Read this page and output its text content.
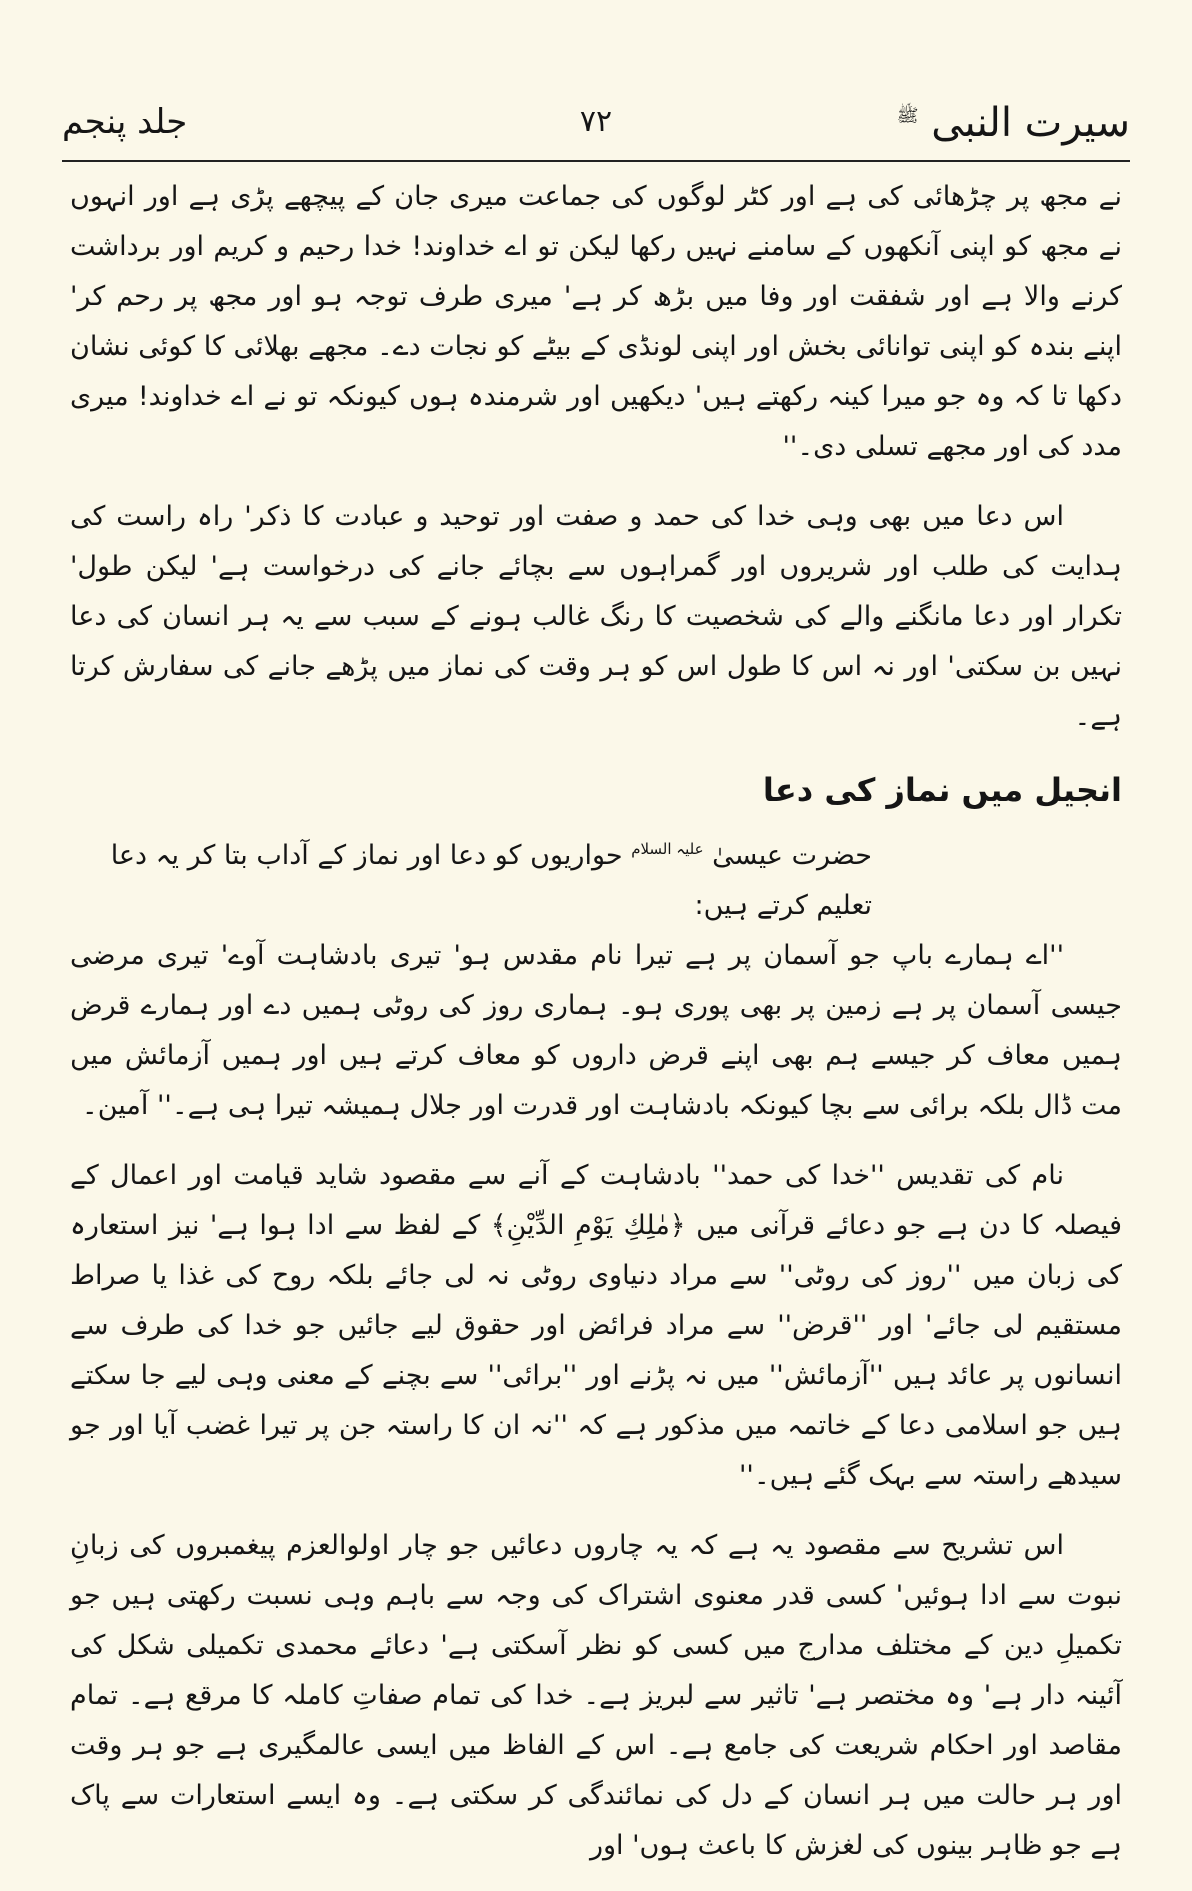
سیرت النبی $^ﷺ$
۷۲
جلد پنجم

نے مجھ پر چڑھائی کی ہے اور کٹر لوگوں کی جماعت میری جان کے پیچھے پڑی ہے اور انہوں نے مجھ کو اپنی آنکھوں کے سامنے نہیں رکھا لیکن تو اے خداوند! خدا رحیم و کریم اور برداشت کرنے والا ہے اور شفقت اور وفا میں بڑھ کر ہے' میری طرف توجہ ہو اور مجھ پر رحم کر' اپنے بندہ کو اپنی توانائی بخش اور اپنی لونڈی کے بیٹے کو نجات دے۔ مجھے بھلائی کا کوئی نشان دکھا تا کہ وہ جو میرا کینہ رکھتے ہیں' دیکھیں اور شرمندہ ہوں کیونکہ تو نے اے خداوند! میری مدد کی اور مجھے تسلی دی۔''

اس دعا میں بھی وہی خدا کی حمد و صفت اور توحید و عبادت کا ذکر' راہ راست کی ہدایت کی طلب اور شریروں اور گمراہوں سے بچائے جانے کی درخواست ہے' لیکن طول' تکرار اور دعا مانگنے والے کی شخصیت کا رنگ غالب ہونے کے سبب سے یہ ہر انسان کی دعا نہیں بن سکتی' اور نہ اس کا طول اس کو ہر وقت کی نماز میں پڑھے جانے کی سفارش کرتا ہے۔

انجیل میں نماز کی دعا

حضرت عیسیٰ $^{علیہ السلام}$ حواریوں کو دعا اور نماز کے آداب بتا کر یہ دعا تعلیم کرتے ہیں:

''اے ہمارے باپ جو آسمان پر ہے تیرا نام مقدس ہو' تیری بادشاہت آوے' تیری مرضی جیسی آسمان پر ہے زمین پر بھی پوری ہو۔ ہماری روز کی روٹی ہمیں دے اور ہمارے قرض ہمیں معاف کر جیسے ہم بھی اپنے قرض داروں کو معاف کرتے ہیں اور ہمیں آزمائش میں مت ڈال بلکہ برائی سے بچا کیونکہ بادشاہت اور قدرت اور جلال ہمیشہ تیرا ہی ہے۔'' آمین۔

نام کی تقدیس ''خدا کی حمد'' بادشاہت کے آنے سے مقصود شاید قیامت اور اعمال کے فیصلہ کا دن ہے جو دعائے قرآنی میں ﴿مٰلِكِ يَوْمِ الدِّيْنِ﴾ کے لفظ سے ادا ہوا ہے' نیز استعارہ کی زبان میں ''روز کی روٹی'' سے مراد دنیاوی روٹی نہ لی جائے بلکہ روح کی غذا یا صراط مستقیم لی جائے' اور ''قرض'' سے مراد فرائض اور حقوق لیے جائیں جو خدا کی طرف سے انسانوں پر عائد ہیں ''آزمائش'' میں نہ پڑنے اور ''برائی'' سے بچنے کے معنی وہی لیے جا سکتے ہیں جو اسلامی دعا کے خاتمہ میں مذکور ہے کہ ''نہ ان کا راستہ جن پر تیرا غضب آیا اور جو سیدھے راستہ سے بہک گئے ہیں۔''

اس تشریح سے مقصود یہ ہے کہ یہ چاروں دعائیں جو چار اولوالعزم پیغمبروں کی زبانِ نبوت سے ادا ہوئیں' کسی قدر معنوی اشتراک کی وجہ سے باہم وہی نسبت رکھتی ہیں جو تکمیلِ دین کے مختلف مدارج میں کسی کو نظر آسکتی ہے' دعائے محمدی تکمیلی شکل کی آئینہ دار ہے' وہ مختصر ہے' تاثیر سے لبریز ہے۔ خدا کی تمام صفاتِ کاملہ کا مرقع ہے۔ تمام مقاصد اور احکام شریعت کی جامع ہے۔ اس کے الفاظ میں ایسی عالمگیری ہے جو ہر وقت اور ہر حالت میں ہر انسان کے دل کی نمائندگی کر سکتی ہے۔ وہ ایسے استعارات سے پاک ہے جو ظاہر بینوں کی لغزش کا باعث ہوں' اور
